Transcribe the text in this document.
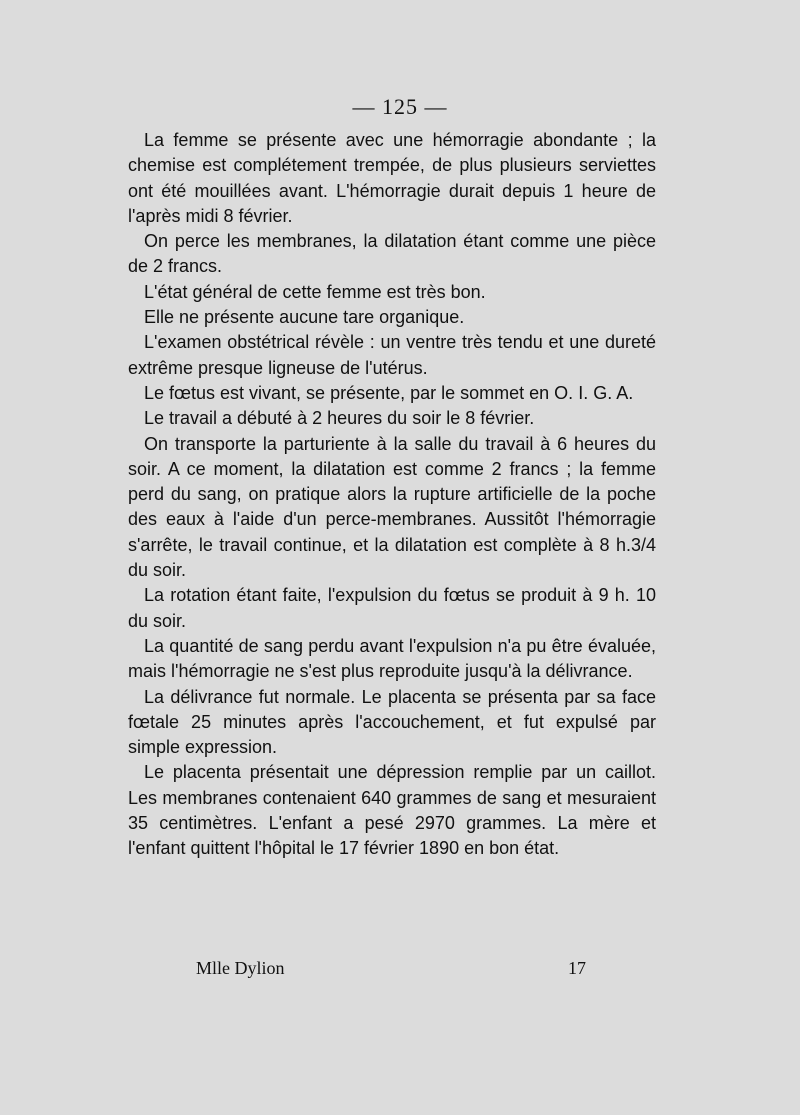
— 125 —

La femme se présente avec une hémorragie abondante ; la chemise est complétement trempée, de plus plusieurs serviettes ont été mouillées avant. L'hémorragie durait depuis 1 heure de l'après midi 8 février.

On perce les membranes, la dilatation étant comme une pièce de 2 francs.

L'état général de cette femme est très bon.

Elle ne présente aucune tare organique.

L'examen obstétrical révèle : un ventre très tendu et une dureté extrême presque ligneuse de l'utérus.

Le fœtus est vivant, se présente, par le sommet en O. I. G. A.

Le travail a débuté à 2 heures du soir le 8 février.

On transporte la parturiente à la salle du travail à 6 heures du soir. A ce moment, la dilatation est comme 2 francs ; la femme perd du sang, on pratique alors la rupture artificielle de la poche des eaux à l'aide d'un perce-membranes. Aussitôt l'hémorragie s'arrête, le travail continue, et la dilatation est complète à 8 h.3/4 du soir.

La rotation étant faite, l'expulsion du fœtus se produit à 9 h. 10 du soir.

La quantité de sang perdu avant l'expulsion n'a pu être évaluée, mais l'hémorragie ne s'est plus reproduite jusqu'à la délivrance.

La délivrance fut normale. Le placenta se présenta par sa face fœtale 25 minutes après l'accouchement, et fut expulsé par simple expression.

Le placenta présentait une dépression remplie par un caillot. Les membranes contenaient 640 grammes de sang et mesuraient 35 centimètres. L'enfant a pesé 2970 grammes. La mère et l'enfant quittent l'hôpital le 17 février 1890 en bon état.

Mlle Dylion	17
